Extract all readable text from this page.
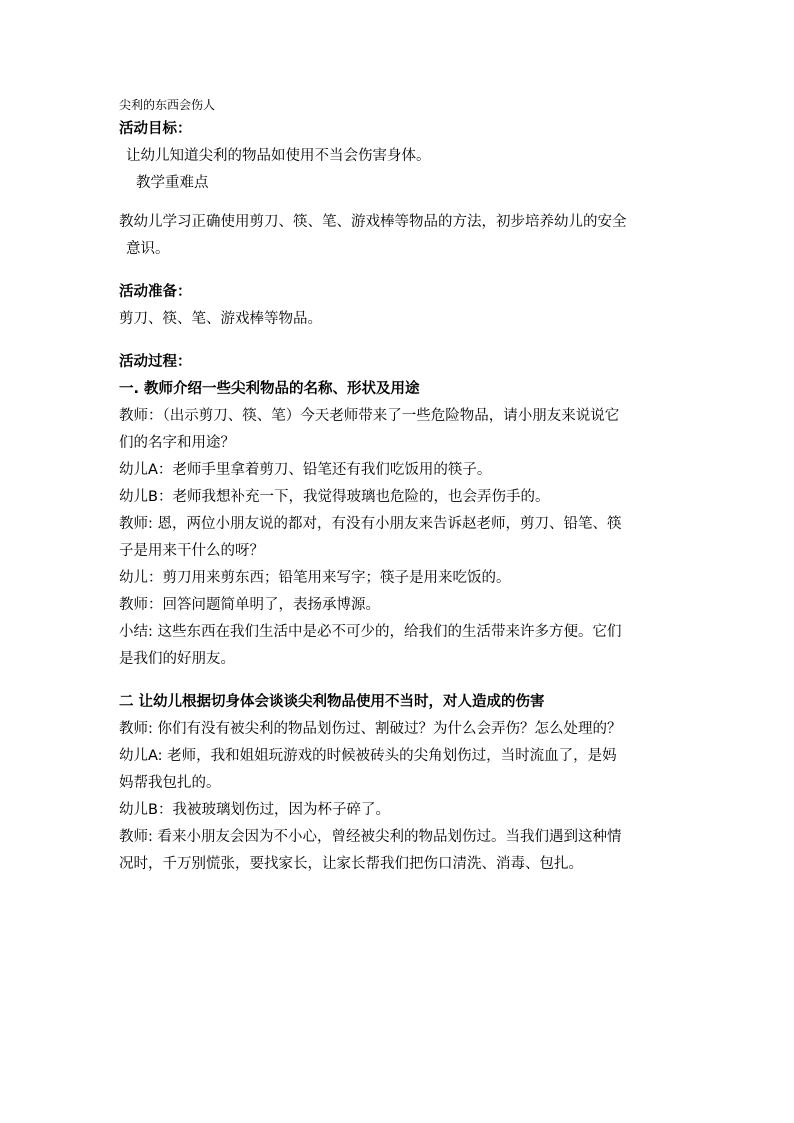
尖利的东西会伤人

活动目标：

让幼儿知道尖利的物品如使用不当会伤害身体。

教学重难点

教幼儿学习正确使用剪刀、筷、笔、游戏棒等物品的方法，初步培养幼儿的安全

意识。

活动准备：

剪刀、筷、笔、游戏棒等物品。

活动过程：

一. 教师介绍一些尖利物品的名称、形状及用途

教师：（出示剪刀、筷、笔）今天老师带来了一些危险物品，请小朋友来说说它

们的名字和用途？

幼儿A：老师手里拿着剪刀、铅笔还有我们吃饭用的筷子。

幼儿B：老师我想补充一下，我觉得玻璃也危险的，也会弄伤手的。

教师: 恩，两位小朋友说的都对，有没有小朋友来告诉赵老师，剪刀、铅笔、筷

子是用来干什么的呀？

幼儿：剪刀用来剪东西；铅笔用来写字；筷子是用来吃饭的。

教师：回答问题简单明了，表扬承博源。

小结: 这些东西在我们生活中是必不可少的，给我们的生活带来许多方便。它们

是我们的好朋友。

二 让幼儿根据切身体会谈谈尖利物品使用不当时，对人造成的伤害

教师: 你们有没有被尖利的物品划伤过、割破过？为什么会弄伤？怎么处理的？

幼儿A: 老师，我和姐姐玩游戏的时候被砖头的尖角划伤过，当时流血了，是妈

妈帮我包扎的。

幼儿B：我被玻璃划伤过，因为杯子碎了。

教师: 看来小朋友会因为不小心，曾经被尖利的物品划伤过。当我们遇到这种情

况时，千万别慌张，要找家长，让家长帮我们把伤口清洗、消毒、包扎。
